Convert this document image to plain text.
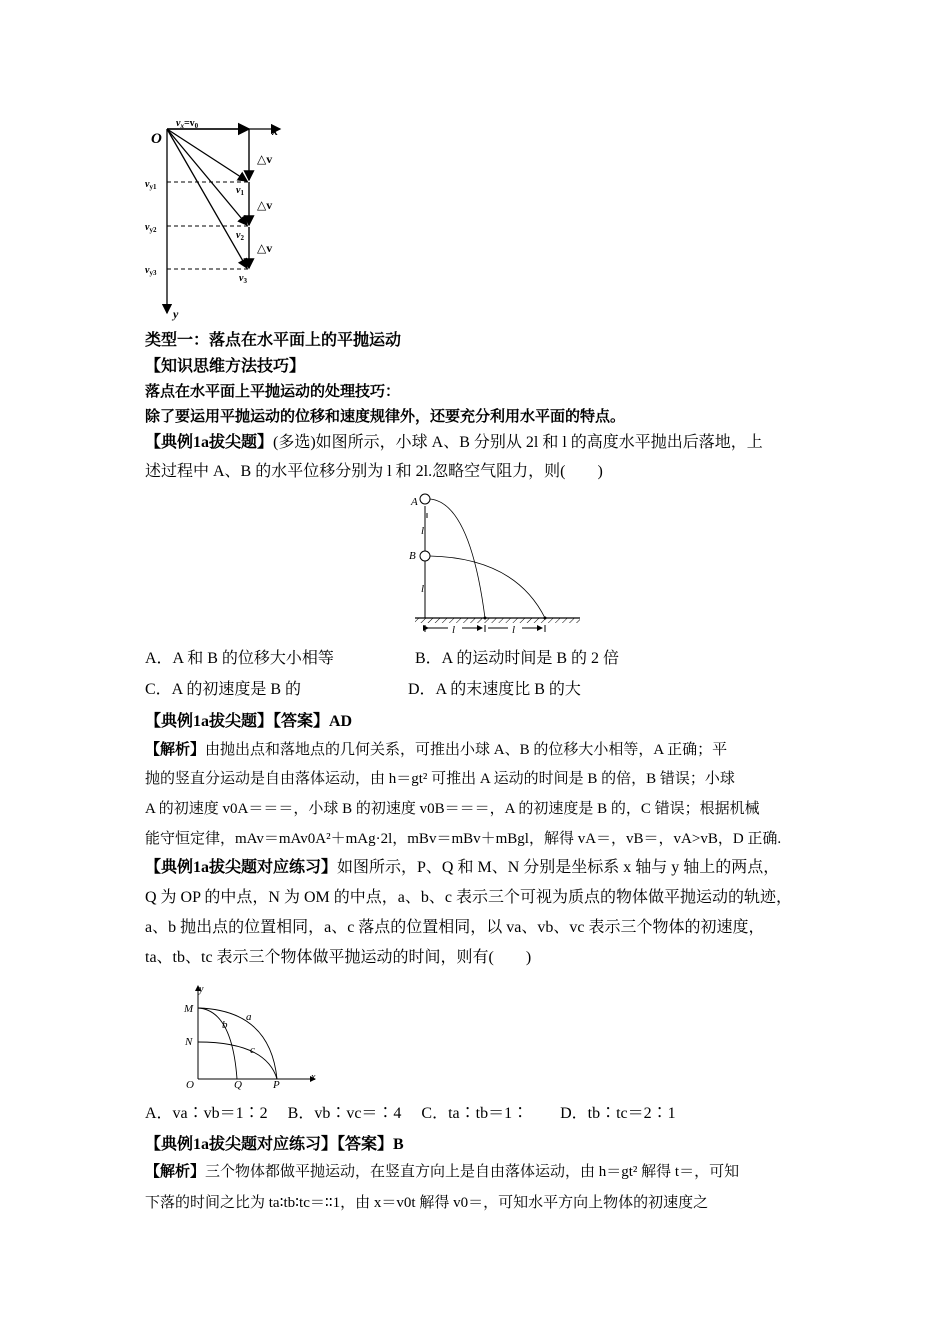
O	x
y
$v_x=v_0$
△v
△v
△v
$v_1$
$v_2$
$v_3$
$v_{y1}$
$v_{y2}$
$v_{y3}$
类型一：落点在水平面上的平抛运动
【知识思维方法技巧】
落点在水平面上平抛运动的处理技巧：
除了要运用平抛运动的位移和速度规律外，还要充分利用水平面的特点。
【典例1a拔尖题】(多选)如图所示，小球 A、B 分别从 2l 和 l 的高度水平抛出后落地，上
述过程中 A、B 的水平位移分别为 l 和 2l.忽略空气阻力，则(　　)
A
B
l
l
l	l
A．A 和 B 的位移大小相等	B．A 的运动时间是 B 的 2 倍
C．A 的初速度是 B 的	D．A 的末速度比 B 的大
【典例1a拔尖题】【答案】AD
【解析】由抛出点和落地点的几何关系，可推出小球 A、B 的位移大小相等，A 正确；平
抛的竖直分运动是自由落体运动，由 h＝gt² 可推出 A 运动的时间是 B 的倍，B 错误；小球
A 的初速度 v0A＝＝＝，小球 B 的初速度 v0B＝＝＝，A 的初速度是 B 的，C 错误；根据机械
能守恒定律，mAv＝mAv0A²＋mAg·2l，mBv＝mBv＋mBgl，解得 vA＝，vB＝，vA>vB，D 正确.
【典例1a拔尖题对应练习】如图所示，P、Q 和 M、N 分别是坐标系 x 轴与 y 轴上的两点，
Q 为 OP 的中点，N 为 OM 的中点，a、b、c 表示三个可视为质点的物体做平抛运动的轨迹，
a、b 抛出点的位置相同，a、c 落点的位置相同，以 va、vb、vc 表示三个物体的初速度，
ta、tb、tc 表示三个物体做平抛运动的时间，则有(　　)
y
x
M
N
O	Q	P
a
b
c
A．va∶vb＝1∶2　 B．vb∶vc＝∶4　 C．ta∶tb＝1∶　　D．tb∶tc＝2∶1
【典例1a拔尖题对应练习】【答案】B
【解析】三个物体都做平抛运动，在竖直方向上是自由落体运动，由 h＝gt² 解得 t＝，可知
下落的时间之比为 ta∶tb∶tc＝∶∶1，由 x＝v0t 解得 v0＝，可知水平方向上物体的初速度之
